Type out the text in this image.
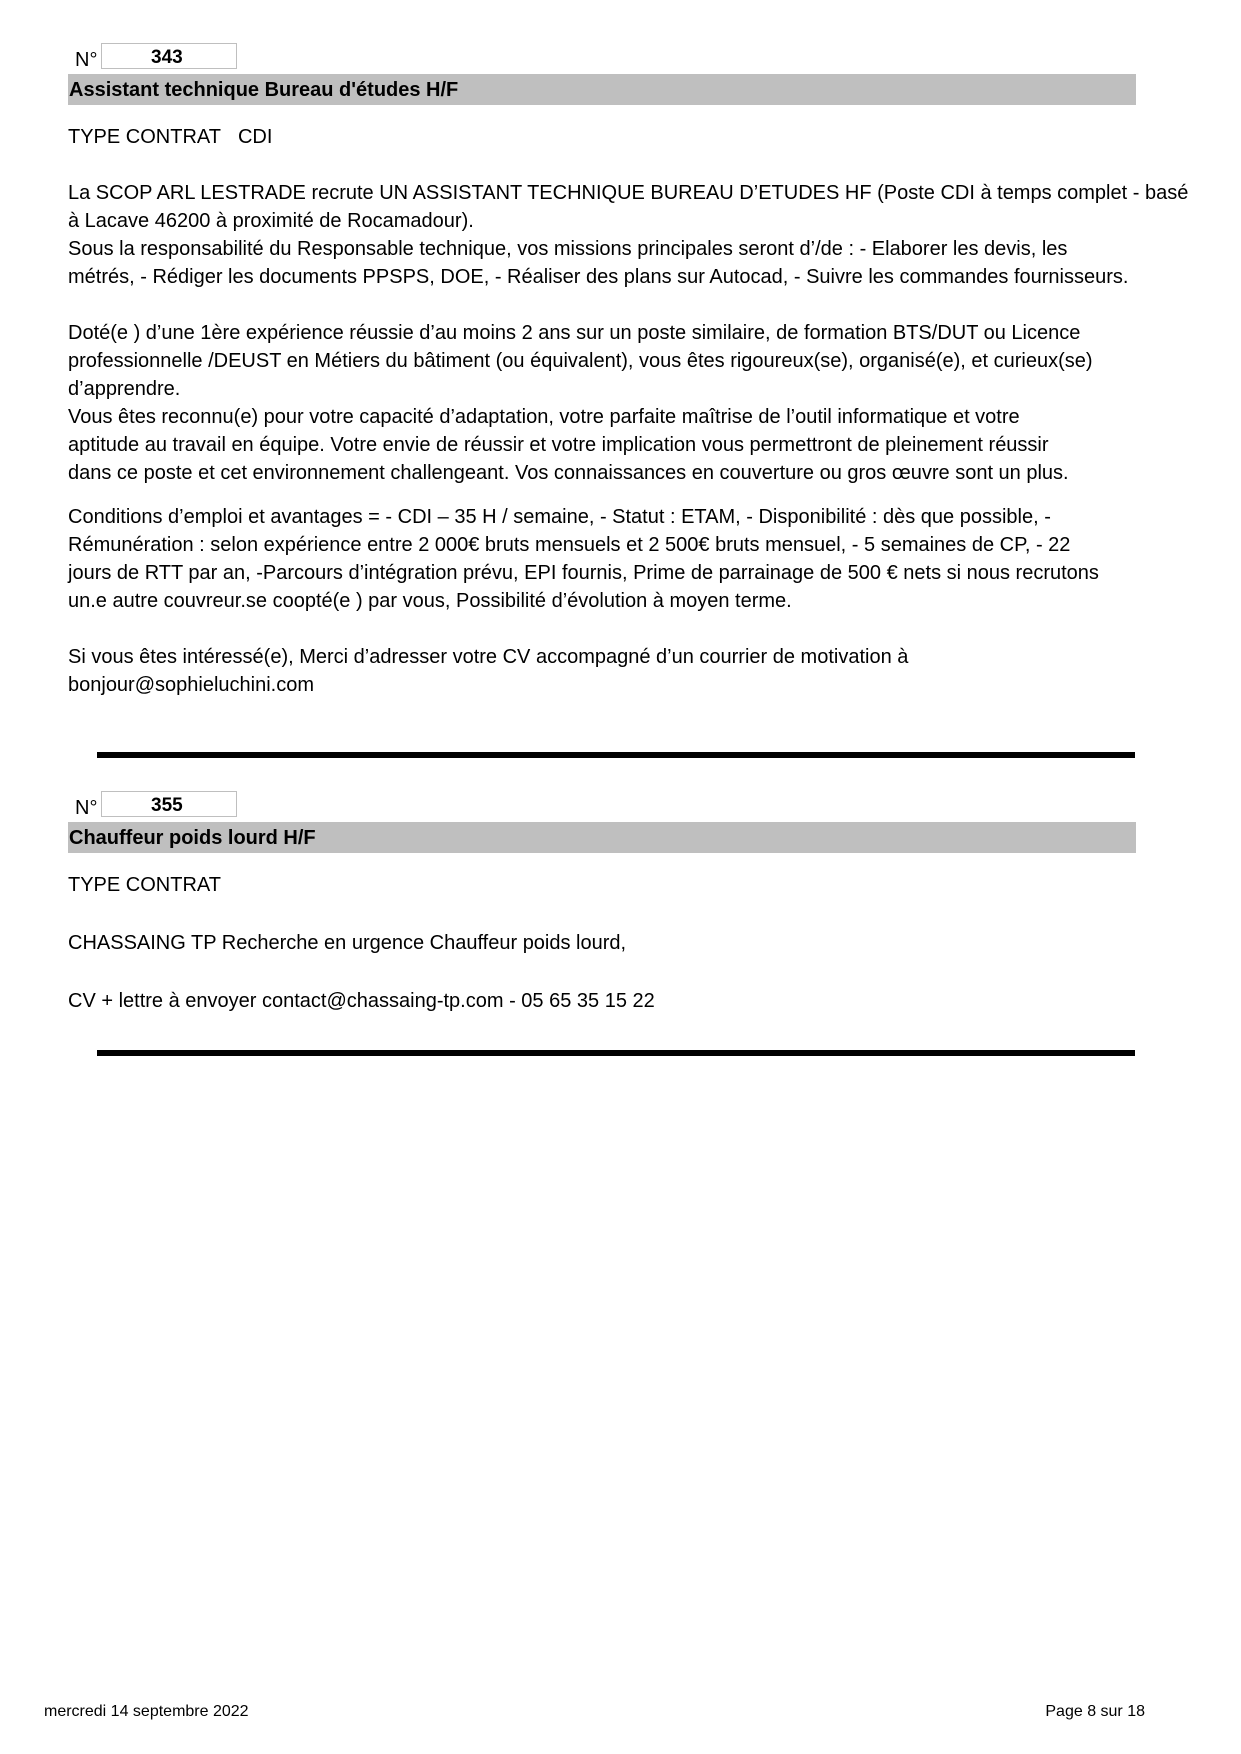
N°	343
Assistant technique Bureau d'études H/F
TYPE CONTRAT CDI

La SCOP ARL LESTRADE recrute UN ASSISTANT TECHNIQUE BUREAU D’ETUDES HF (Poste CDI à temps complet - basé

à Lacave 46200 à proximité de Rocamadour).

Sous la responsabilité du Responsable technique, vos missions principales seront d’/de : - Elaborer les devis, les

métrés, - Rédiger les documents PPSPS, DOE, - Réaliser des plans sur Autocad, - Suivre les commandes fournisseurs.

Doté(e ) d’une 1ère expérience réussie d’au moins 2 ans sur un poste similaire, de formation BTS/DUT ou Licence

professionnelle /DEUST en Métiers du bâtiment (ou équivalent), vous êtes rigoureux(se), organisé(e), et curieux(se)

d’apprendre.

Vous êtes reconnu(e) pour votre capacité d’adaptation, votre parfaite maîtrise de l’outil informatique et votre

aptitude au travail en équipe. Votre envie de réussir et votre implication vous permettront de pleinement réussir

dans ce poste et cet environnement challengeant. Vos connaissances en couverture ou gros œuvre sont un plus.

Conditions d’emploi et avantages = - CDI – 35 H / semaine, - Statut : ETAM, - Disponibilité : dès que possible, -

Rémunération : selon expérience entre 2 000€ bruts mensuels et 2 500€ bruts mensuel, - 5 semaines de CP, - 22

jours de RTT par an, -Parcours d’intégration prévu, EPI fournis, Prime de parrainage de 500 € nets si nous recrutons

un.e autre couvreur.se coopté(e ) par vous, Possibilité d’évolution à moyen terme.

Si vous êtes intéressé(e), Merci d’adresser votre CV accompagné d’un courrier de motivation à

bonjour@sophieluchini.com

N°	355
Chauffeur poids lourd H/F
TYPE CONTRAT

CHASSAING TP Recherche en urgence Chauffeur poids lourd,

CV + lettre à envoyer contact@chassaing-tp.com - 05 65 35 15 22

mercredi 14 septembre 2022	Page 8 sur 18
